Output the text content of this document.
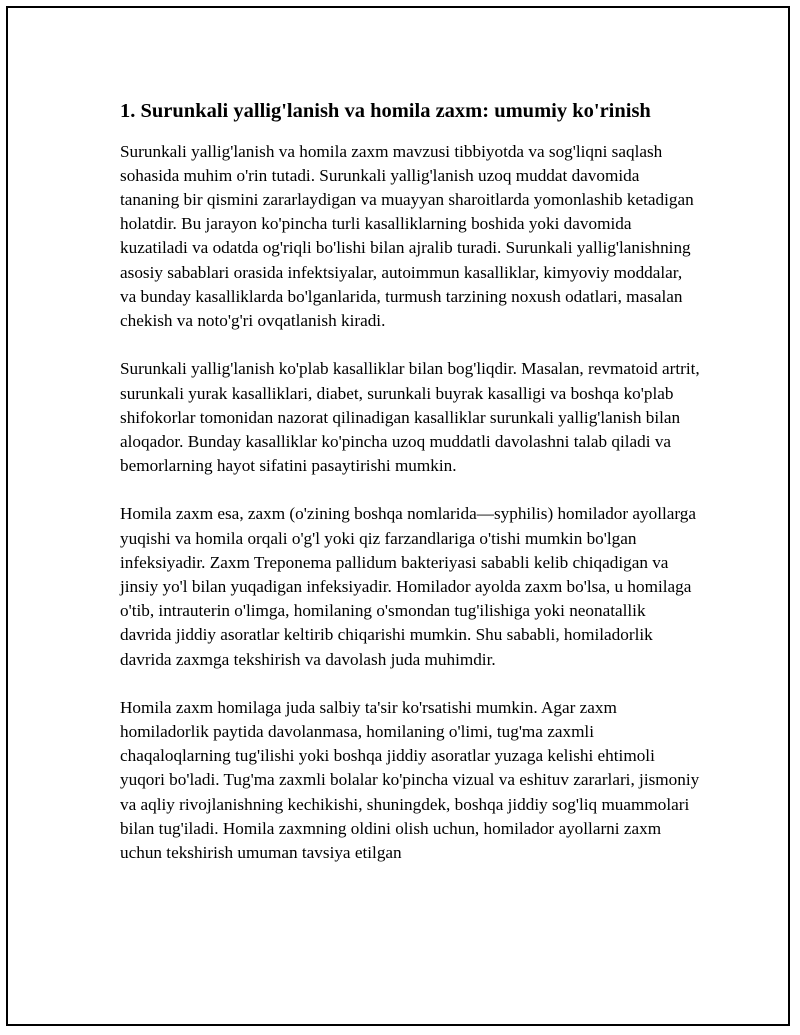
1. Surunkali yallig'lanish va homila zaxm: umumiy ko'rinish

Surunkali yallig'lanish va homila zaxm mavzusi tibbiyotda va sog'liqni saqlash sohasida muhim o'rin tutadi. Surunkali yallig'lanish uzoq muddat davomida tananing bir qismini zararlaydigan va muayyan sharoitlarda yomonlashib ketadigan holatdir. Bu jarayon ko'pincha turli kasalliklarning boshida yoki davomida kuzatiladi va odatda og'riqli bo'lishi bilan ajralib turadi. Surunkali yallig'lanishning asosiy sabablari orasida infektsiyalar, autoimmun kasalliklar, kimyoviy moddalar, va bunday kasalliklarda bo'lganlarida, turmush tarzining noxush odatlari, masalan chekish va noto'g'ri ovqatlanish kiradi.

Surunkali yallig'lanish ko'plab kasalliklar bilan bog'liqdir. Masalan, revmatoid artrit, surunkali yurak kasalliklari, diabet, surunkali buyrak kasalligi va boshqa ko'plab shifokorlar tomonidan nazorat qilinadigan kasalliklar surunkali yallig'lanish bilan aloqador. Bunday kasalliklar ko'pincha uzoq muddatli davolashni talab qiladi va bemorlarning hayot sifatini pasaytirishi mumkin.

Homila zaxm esa, zaxm (o'zining boshqa nomlarida—syphilis) homilador ayollarga yuqishi va homila orqali o'g'l yoki qiz farzandlariga o'tishi mumkin bo'lgan infeksiyadir. Zaxm Treponema pallidum bakteriyasi sababli kelib chiqadigan va jinsiy yo'l bilan yuqadigan infeksiyadir. Homilador ayolda zaxm bo'lsa, u homilaga o'tib, intrauterin o'limga, homilaning o'smondan tug'ilishiga yoki neonatallik davrida jiddiy asoratlar keltirib chiqarishi mumkin. Shu sababli, homiladorlik davrida zaxmga tekshirish va davolash juda muhimdir.

Homila zaxm homilaga juda salbiy ta'sir ko'rsatishi mumkin. Agar zaxm homiladorlik paytida davolanmasa, homilaning o'limi, tug'ma zaxmli chaqaloqlarning tug'ilishi yoki boshqa jiddiy asoratlar yuzaga kelishi ehtimoli yuqori bo'ladi. Tug'ma zaxmli bolalar ko'pincha vizual va eshituv zararlari, jismoniy va aqliy rivojlanishning kechikishi, shuningdek, boshqa jiddiy sog'liq muammolari bilan tug'iladi. Homila zaxmning oldini olish uchun, homilador ayollarni zaxm uchun tekshirish umuman tavsiya etilgan
